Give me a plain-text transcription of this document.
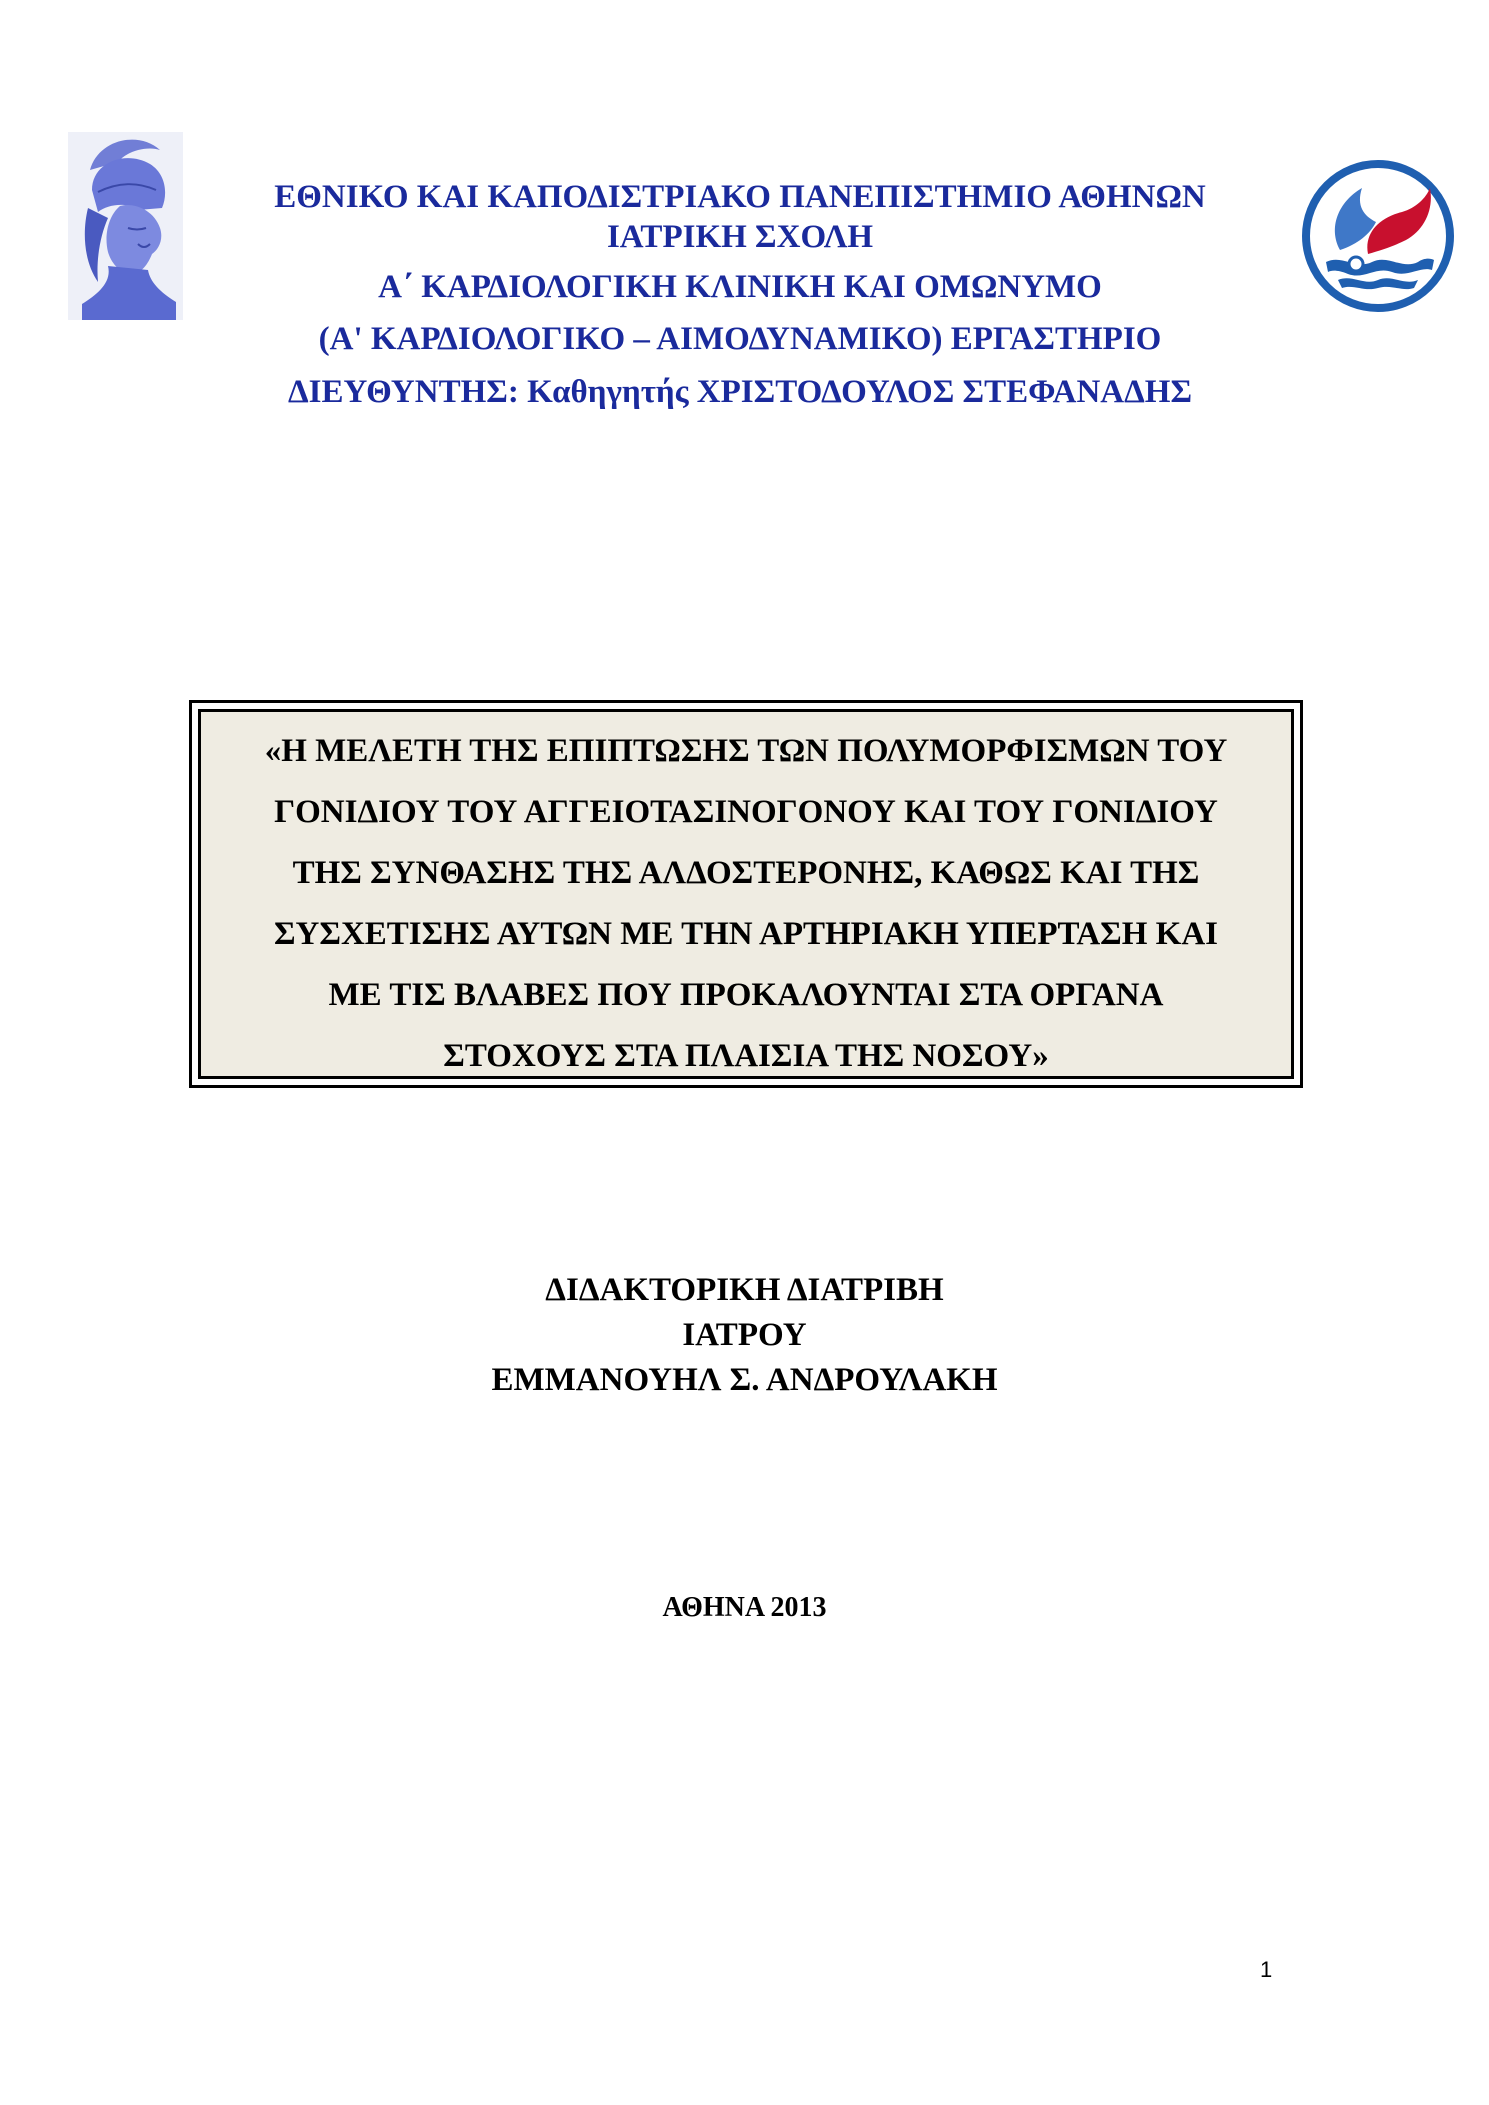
ΕΘΝΙΚΟ ΚΑΙ ΚΑΠΟΔΙΣΤΡΙΑΚΟ ΠΑΝΕΠΙΣΤΗΜΙΟ ΑΘΗΝΩΝ
ΙΑΤΡΙΚΗ ΣΧΟΛΗ
Α΄ ΚΑΡΔΙΟΛΟΓΙΚΗ ΚΛΙΝΙΚΗ ΚΑΙ ΟΜΩΝΥΜΟ
(Α' ΚΑΡΔΙΟΛΟΓΙΚΟ – ΑΙΜΟΔΥΝΑΜΙΚΟ) ΕΡΓΑΣΤΗΡΙΟ
ΔΙΕΥΘΥΝΤΗΣ: Καθηγητής ΧΡΙΣΤΟΔΟΥΛΟΣ ΣΤΕΦΑΝΑΔΗΣ
«Η ΜΕΛΕΤΗ ΤΗΣ ΕΠΙΠΤΩΣΗΣ ΤΩΝ ΠΟΛΥΜΟΡΦΙΣΜΩΝ ΤΟΥ
ΓΟΝΙΔΙΟΥ ΤΟΥ ΑΓΓΕΙΟΤΑΣΙΝΟΓΟΝΟΥ ΚΑΙ ΤΟΥ ΓΟΝΙΔΙΟΥ
ΤΗΣ ΣΥΝΘΑΣΗΣ ΤΗΣ ΑΛΔΟΣΤΕΡΟΝΗΣ, ΚΑΘΩΣ ΚΑΙ ΤΗΣ
ΣΥΣΧΕΤΙΣΗΣ ΑΥΤΩΝ ΜΕ ΤΗΝ ΑΡΤΗΡΙΑΚΗ ΥΠΕΡΤΑΣΗ ΚΑΙ
ΜΕ ΤΙΣ ΒΛΑΒΕΣ ΠΟΥ ΠΡΟΚΑΛΟΥΝΤΑΙ ΣΤΑ ΟΡΓΑΝΑ
ΣΤΟΧΟΥΣ ΣΤΑ ΠΛΑΙΣΙΑ ΤΗΣ ΝΟΣΟΥ»
ΔΙΔΑΚΤΟΡΙΚΗ ΔΙΑΤΡΙΒΗ
ΙΑΤΡΟΥ
ΕΜΜΑΝΟΥΗΛ Σ. ΑΝΔΡΟΥΛΑΚΗ
ΑΘΗΝΑ 2013
1
